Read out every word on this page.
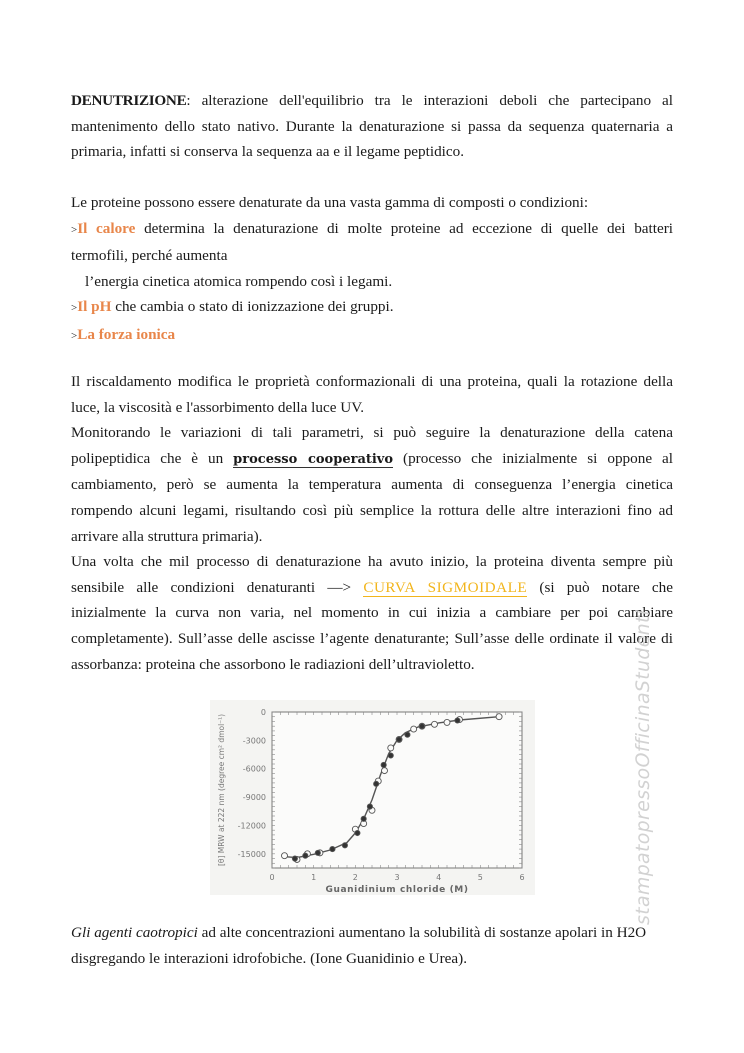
DENUTRIZIONE: alterazione dell'equilibrio tra le interazioni deboli che partecipano al
mantenimento dello stato nativo. Durante la denaturazione si passa da sequenza quaternaria a
primaria, infatti si conserva la sequenza aa e il legame peptidico.
Le proteine possono essere denaturate da una vasta gamma di composti o condizioni:
>Il calore determina la denaturazione di molte proteine ad eccezione di quelle dei batteri
termofili, perché aumenta
l’energia cinetica atomica rompendo così i legami.
>Il pH che cambia o stato di ionizzazione dei gruppi.
>La forza ionica
Il riscaldamento modifica le proprietà conformazionali di una proteina, quali la rotazione della
luce, la viscosità e l'assorbimento della luce UV.
Monitorando le variazioni di tali parametri, si può seguire la denaturazione della catena
polipeptidica che è un processo cooperativo (processo che inizialmente si oppone al
cambiamento, però se aumenta la temperatura aumenta di conseguenza l’energia cinetica
rompendo alcuni legami, risultando così più semplice la rottura delle altre interazioni fino ad
arrivare alla struttura primaria).
Una volta che mil processo di denaturazione ha avuto inizio, la proteina diventa sempre più
sensibile alle condizioni denaturanti —> CURVA SIGMOIDALE (si può notare che
inizialmente la curva non varia, nel momento in cui inizia a cambiare per poi cambiare
completamente). Sull’asse delle ascisse l’agente denaturante; Sull’asse delle ordinate il valore di
assorbanza: proteina che assorbono le radiazioni dell’ultravioletto.
0	1	2	3	4	5	6
0
-3000
-6000
-9000
-12000
-15000
Guanidinium chloride (M)
[θ] MRW at 222 nm (degree cm² dmol⁻¹)
Gli agenti caotropici ad alte concentrazioni aumentano la solubilità di sostanze apolari in H2O
disgregando le interazioni idrofobiche. (Ione Guanidinio e Urea).
stampatopressoOfficinaStudenti
